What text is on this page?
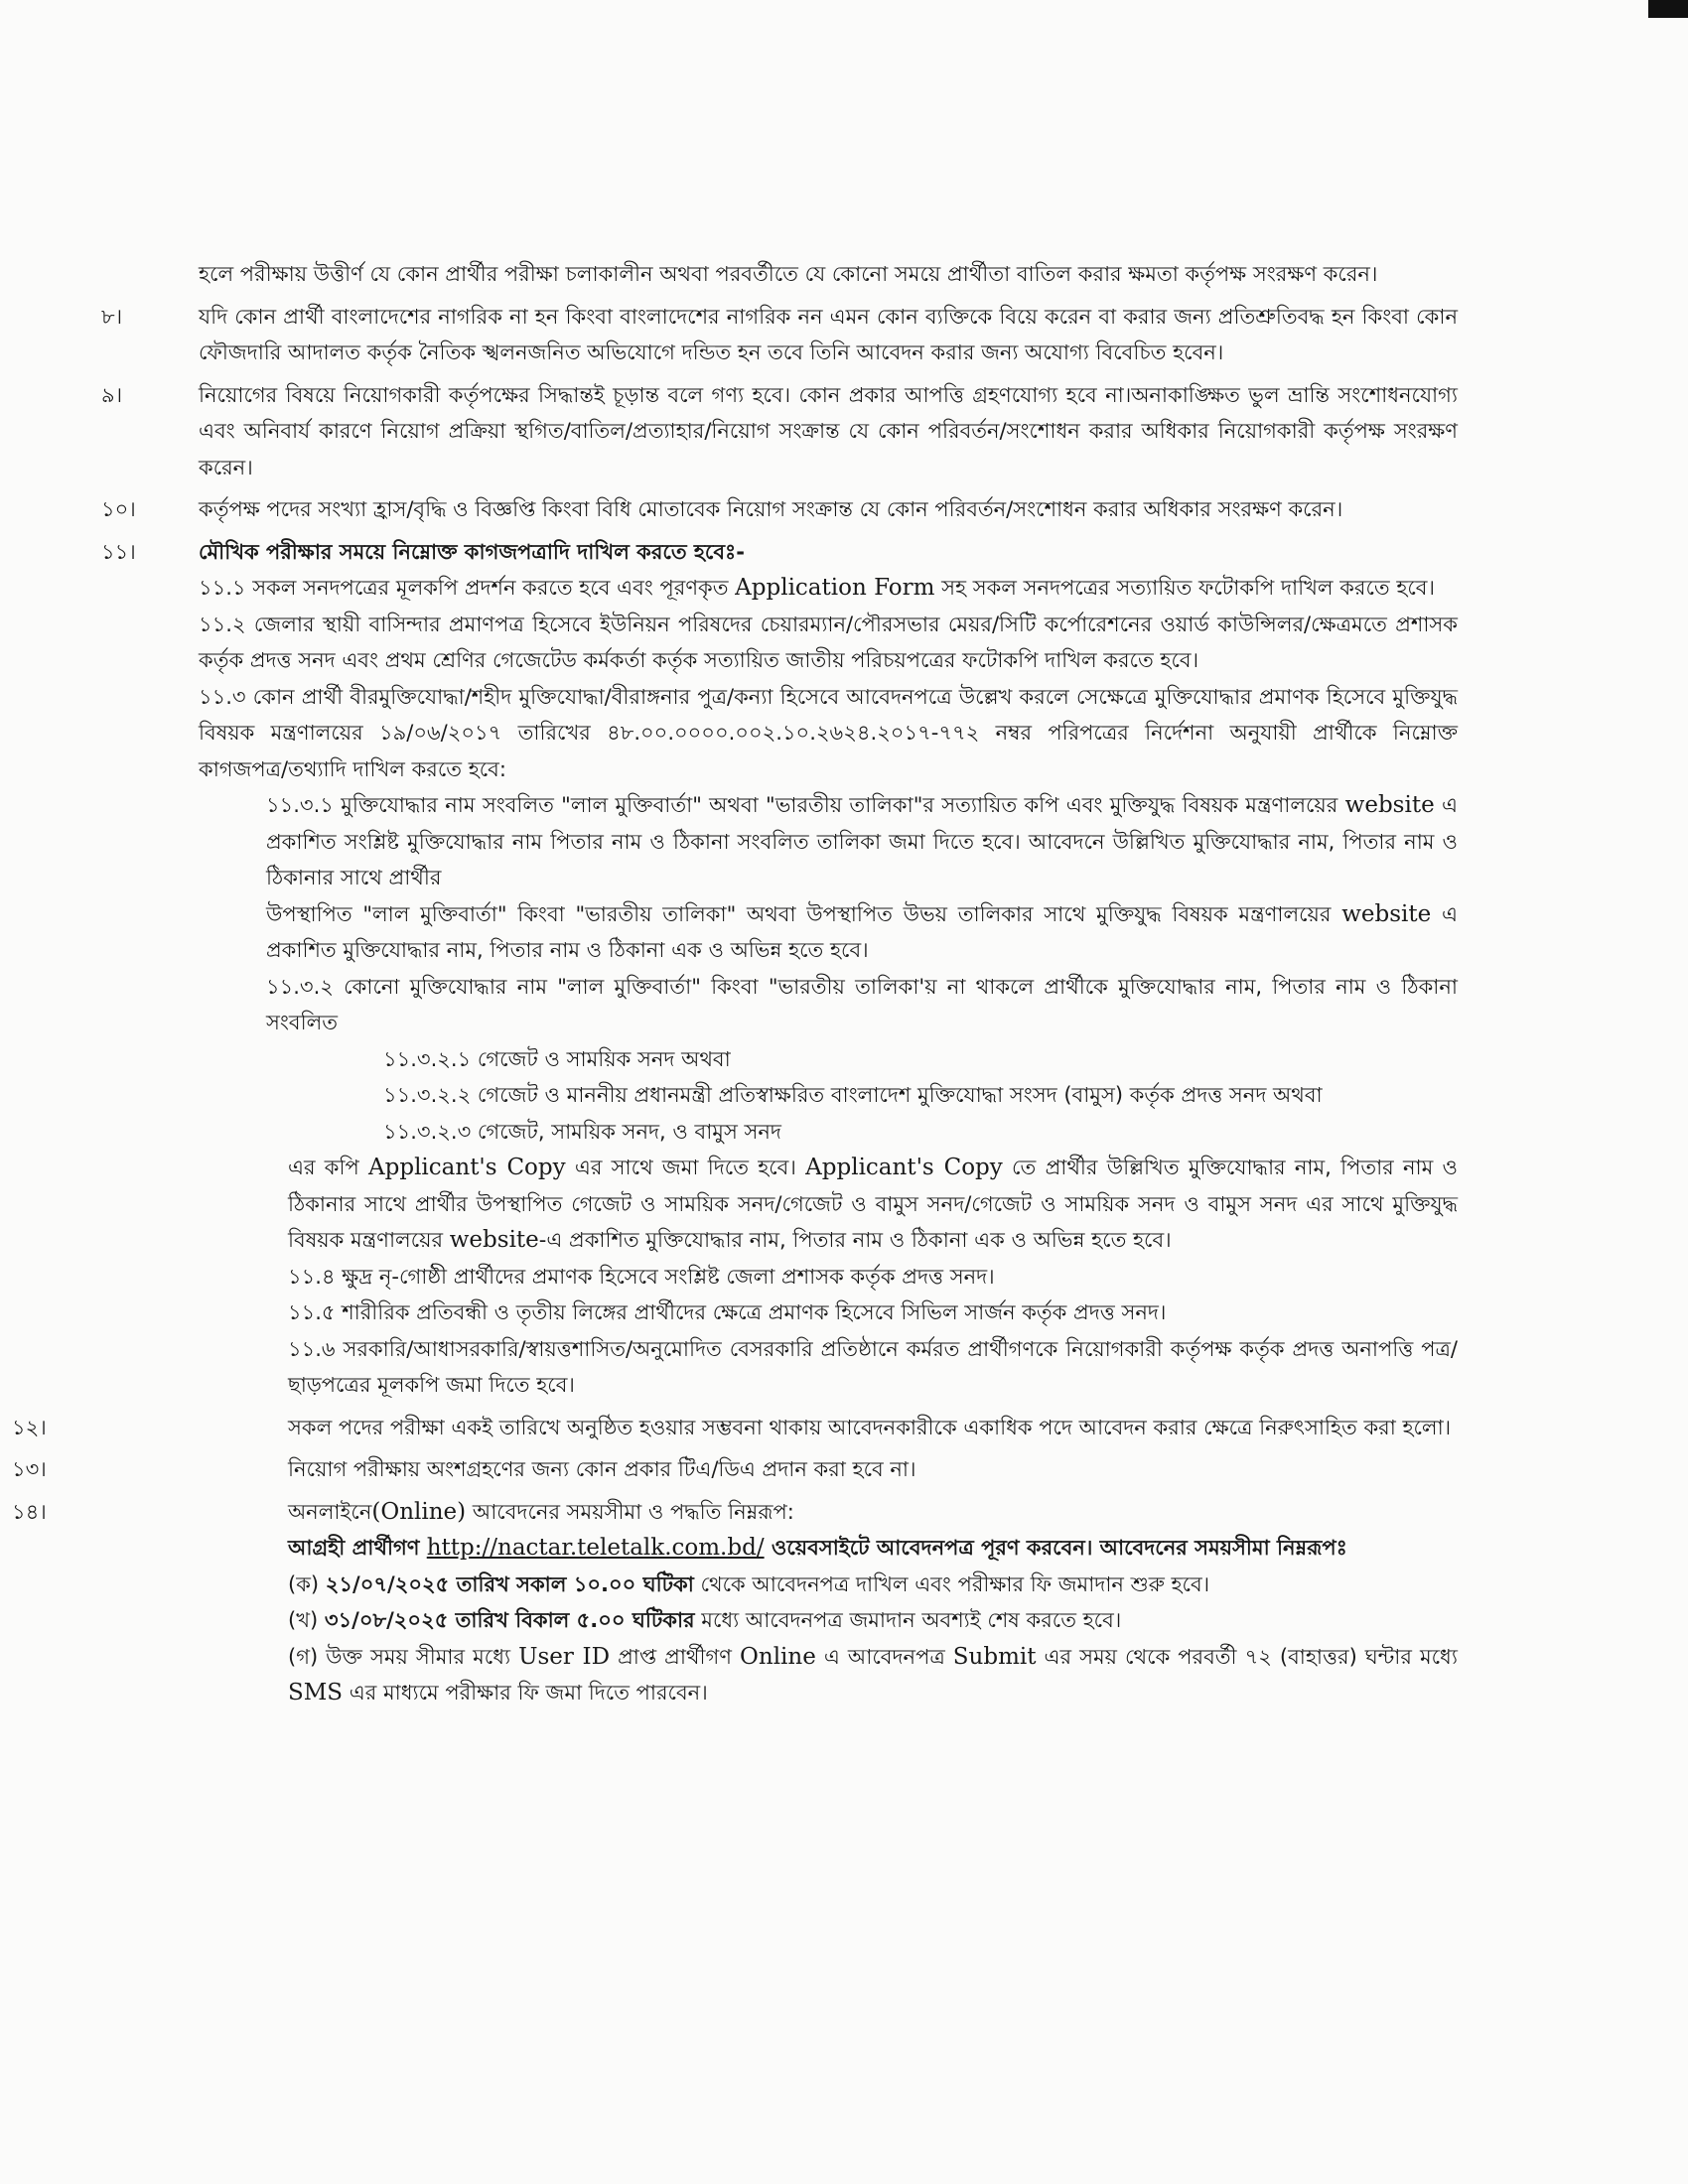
হলে পরীক্ষায় উত্তীর্ণ যে কোন প্রার্থীর পরীক্ষা চলাকালীন অথবা পরবর্তীতে যে কোনো সময়ে প্রার্থীতা বাতিল করার ক্ষমতা কর্তৃপক্ষ সংরক্ষণ করেন।
৮।	যদি কোন প্রার্থী বাংলাদেশের নাগরিক না হন কিংবা বাংলাদেশের নাগরিক নন এমন কোন ব্যক্তিকে বিয়ে করেন বা করার জন্য প্রতিশ্রুতিবদ্ধ হন কিংবা কোন ফৌজদারি আদালত কর্তৃক নৈতিক স্খলনজনিত অভিযোগে দন্ডিত হন তবে তিনি আবেদন করার জন্য অযোগ্য বিবেচিত হবেন।
৯।	নিয়োগের বিষয়ে নিয়োগকারী কর্তৃপক্ষের সিদ্ধান্তই চূড়ান্ত বলে গণ্য হবে। কোন প্রকার আপত্তি গ্রহণযোগ্য হবে না।অনাকাঙ্ক্ষিত ভুল ভ্রান্তি সংশোধনযোগ্য এবং অনিবার্য কারণে নিয়োগ প্রক্রিয়া স্থগিত/বাতিল/প্রত্যাহার/নিয়োগ সংক্রান্ত যে কোন পরিবর্তন/সংশোধন করার অধিকার নিয়োগকারী কর্তৃপক্ষ সংরক্ষণ করেন।
১০।	কর্তৃপক্ষ পদের সংখ্যা হ্রাস/বৃদ্ধি ও বিজ্ঞপ্তি কিংবা বিধি মোতাবেক নিয়োগ সংক্রান্ত যে কোন পরিবর্তন/সংশোধন করার অধিকার সংরক্ষণ করেন।
১১।	মৌখিক পরীক্ষার সময়ে নিম্নোক্ত কাগজপত্রাদি দাখিল করতে হবেঃ-
১১.১ সকল সনদপত্রের মূলকপি প্রদর্শন করতে হবে এবং পূরণকৃত Application Form সহ সকল সনদপত্রের সত্যায়িত ফটোকপি দাখিল করতে হবে।
১১.২ জেলার স্থায়ী বাসিন্দার প্রমাণপত্র হিসেবে ইউনিয়ন পরিষদের চেয়ারম্যান/পৌরসভার মেয়র/সিটি কর্পোরেশনের ওয়ার্ড কাউন্সিলর/ক্ষেত্রমতে প্রশাসক কর্তৃক প্রদত্ত সনদ এবং প্রথম শ্রেণির গেজেটেড কর্মকর্তা কর্তৃক সত্যায়িত জাতীয় পরিচয়পত্রের ফটোকপি দাখিল করতে হবে।
১১.৩ কোন প্রার্থী বীরমুক্তিযোদ্ধা/শহীদ মুক্তিযোদ্ধা/বীরাঙ্গনার পুত্র/কন্যা হিসেবে আবেদনপত্রে উল্লেখ করলে সেক্ষেত্রে মুক্তিযোদ্ধার প্রমাণক হিসেবে মুক্তিযুদ্ধ বিষয়ক মন্ত্রণালয়ের ১৯/০৬/২০১৭ তারিখের ৪৮.০০.০০০০.০০২.১০.২৬২৪.২০১৭-৭৭২ নম্বর পরিপত্রের নির্দেশনা অনুযায়ী প্রার্থীকে নিম্নোক্ত কাগজপত্র/তথ্যাদি দাখিল করতে হবে:
১১.৩.১ মুক্তিযোদ্ধার নাম সংবলিত "লাল মুক্তিবার্তা" অথবা "ভারতীয় তালিকা"র সত্যায়িত কপি এবং মুক্তিযুদ্ধ বিষয়ক মন্ত্রণালয়ের website এ প্রকাশিত সংশ্লিষ্ট মুক্তিযোদ্ধার নাম পিতার নাম ও ঠিকানা সংবলিত তালিকা জমা দিতে হবে। আবেদনে উল্লিখিত মুক্তিযোদ্ধার নাম, পিতার নাম ও ঠিকানার সাথে প্রার্থীর
উপস্থাপিত "লাল মুক্তিবার্তা" কিংবা "ভারতীয় তালিকা" অথবা উপস্থাপিত উভয় তালিকার সাথে মুক্তিযুদ্ধ বিষয়ক মন্ত্রণালয়ের website এ প্রকাশিত মুক্তিযোদ্ধার নাম, পিতার নাম ও ঠিকানা এক ও অভিন্ন হতে হবে।
১১.৩.২ কোনো মুক্তিযোদ্ধার নাম "লাল মুক্তিবার্তা" কিংবা "ভারতীয় তালিকা'য় না থাকলে প্রার্থীকে মুক্তিযোদ্ধার নাম, পিতার নাম ও ঠিকানা সংবলিত
১১.৩.২.১ গেজেট ও সাময়িক সনদ অথবা
১১.৩.২.২ গেজেট ও মাননীয় প্রধানমন্ত্রী প্রতিস্বাক্ষরিত বাংলাদেশ মুক্তিযোদ্ধা সংসদ (বামুস) কর্তৃক প্রদত্ত সনদ অথবা
১১.৩.২.৩ গেজেট, সাময়িক সনদ, ও বামুস সনদ
এর কপি Applicant's Copy এর সাথে জমা দিতে হবে। Applicant's Copy তে প্রার্থীর উল্লিখিত মুক্তিযোদ্ধার নাম, পিতার নাম ও ঠিকানার সাথে প্রার্থীর উপস্থাপিত গেজেট ও সাময়িক সনদ/গেজেট ও বামুস সনদ/গেজেট ও সাময়িক সনদ ও বামুস সনদ এর সাথে মুক্তিযুদ্ধ বিষয়ক মন্ত্রণালয়ের website-এ প্রকাশিত মুক্তিযোদ্ধার নাম, পিতার নাম ও ঠিকানা এক ও অভিন্ন হতে হবে।
১১.৪ ক্ষুদ্র নৃ-গোষ্ঠী প্রার্থীদের প্রমাণক হিসেবে সংশ্লিষ্ট জেলা প্রশাসক কর্তৃক প্রদত্ত সনদ।
১১.৫ শারীরিক প্রতিবন্ধী ও তৃতীয় লিঙ্গের প্রার্থীদের ক্ষেত্রে প্রমাণক হিসেবে সিভিল সার্জন কর্তৃক প্রদত্ত সনদ।
১১.৬ সরকারি/আধাসরকারি/স্বায়ত্তশাসিত/অনুমোদিত বেসরকারি প্রতিষ্ঠানে কর্মরত প্রার্থীগণকে নিয়োগকারী কর্তৃপক্ষ কর্তৃক প্রদত্ত অনাপত্তি পত্র/ছাড়পত্রের মূলকপি জমা দিতে হবে।
১২।	সকল পদের পরীক্ষা একই তারিখে অনুষ্ঠিত হওয়ার সম্ভবনা থাকায় আবেদনকারীকে একাধিক পদে আবেদন করার ক্ষেত্রে নিরুৎসাহিত করা হলো।
১৩।	নিয়োগ পরীক্ষায় অংশগ্রহণের জন্য কোন প্রকার টিএ/ডিএ প্রদান করা হবে না।
১৪।	অনলাইনে(Online) আবেদনের সময়সীমা ও পদ্ধতি নিম্নরূপ:
আগ্রহী প্রার্থীগণ http://nactar.teletalk.com.bd/ ওয়েবসাইটে আবেদনপত্র পূরণ করবেন। আবেদনের সময়সীমা নিম্নরূপঃ
(ক) ২১/০৭/২০২৫ তারিখ সকাল ১০.০০ ঘটিকা থেকে আবেদনপত্র দাখিল এবং পরীক্ষার ফি জমাদান শুরু হবে।
(খ) ৩১/০৮/২০২৫ তারিখ বিকাল ৫.০০ ঘটিকার মধ্যে আবেদনপত্র জমাদান অবশ্যই শেষ করতে হবে।
(গ) উক্ত সময় সীমার মধ্যে User ID প্রাপ্ত প্রার্থীগণ Online এ আবেদনপত্র Submit এর সময় থেকে পরবর্তী ৭২ (বাহাত্তর) ঘন্টার মধ্যে SMS এর মাধ্যমে পরীক্ষার ফি জমা দিতে পারবেন।
